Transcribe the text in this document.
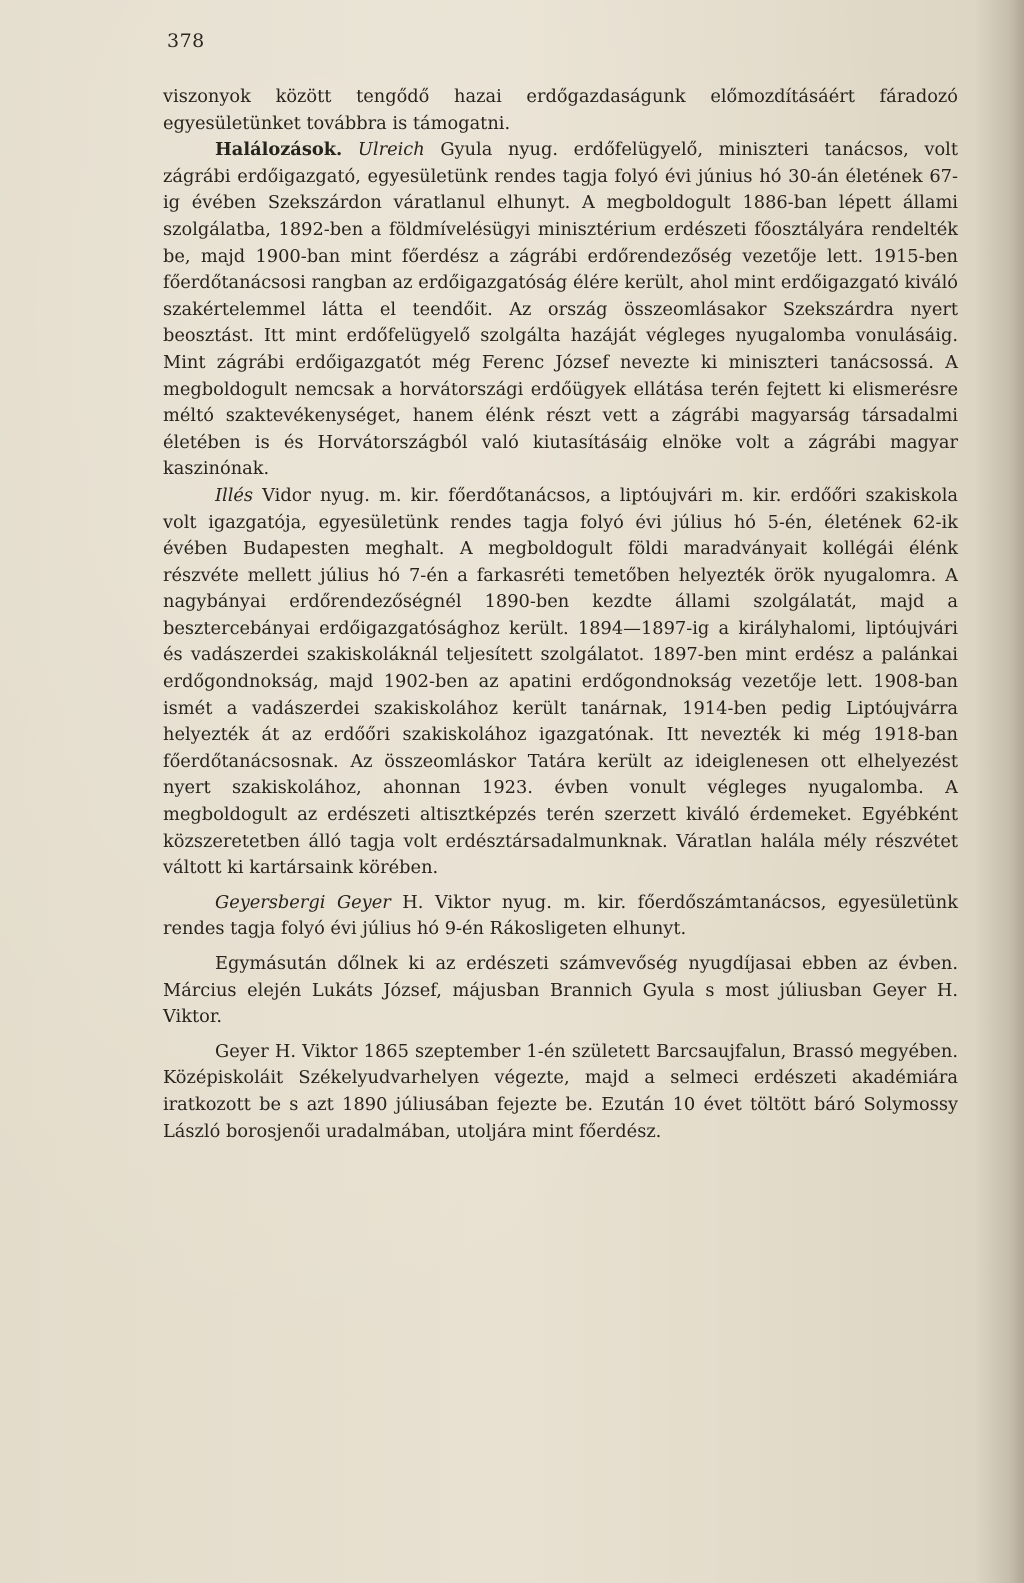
378

viszonyok között tengődő hazai erdőgazdaságunk előmozdításáért fáradozó egyesületünket továbbra is támogatni.

Halálozások. Ulreich Gyula nyug. erdőfelügyelő, miniszteri tanácsos, volt zágrábi erdőigazgató, egyesületünk rendes tagja folyó évi június hó 30-án életének 67-ig évében Szekszárdon váratlanul elhunyt. A megboldogult 1886-ban lépett állami szolgálatba, 1892-ben a földmívelésügyi minisztérium erdészeti főosztályára rendelték be, majd 1900-ban mint főerdész a zágrábi erdőrendezőség vezetője lett. 1915-ben főerdőtanácsosi rangban az erdőigazgatóság élére került, ahol mint erdőigazgató kiváló szakértelemmel látta el teendőit. Az ország összeomlásakor Szekszárdra nyert beosztást. Itt mint erdőfelügyelő szolgálta hazáját végleges nyugalomba vonulásáig. Mint zágrábi erdőigazgatót még Ferenc József nevezte ki miniszteri tanácsossá. A megboldogult nemcsak a horvátországi erdőügyek ellátása terén fejtett ki elismerésre méltó szaktevékenységet, hanem élénk részt vett a zágrábi magyarság társadalmi életében is és Horvátországból való kiutasításáig elnöke volt a zágrábi magyar kaszinónak.

Illés Vidor nyug. m. kir. főerdőtanácsos, a liptóujvári m. kir. erdőőri szakiskola volt igazgatója, egyesületünk rendes tagja folyó évi július hó 5-én, életének 62-ik évében Budapesten meghalt. A megboldogult földi maradványait kollégái élénk részvéte mellett július hó 7-én a farkasréti temetőben helyezték örök nyugalomra. A nagybányai erdőrendezőségnél 1890-ben kezdte állami szolgálatát, majd a besztercebányai erdőigazgatósághoz került. 1894—1897-ig a királyhalomi, liptóujvári és vadászerdei szakiskoláknál teljesített szolgálatot. 1897-ben mint erdész a palánkai erdőgondnokság, majd 1902-ben az apatini erdőgondnokság vezetője lett. 1908-ban ismét a vadászerdei szakiskolához került tanárnak, 1914-ben pedig Liptóujvárra helyezték át az erdőőri szakiskolához igazgatónak. Itt nevezték ki még 1918-ban főerdőtanácsosnak. Az összeomláskor Tatára került az ideiglenesen ott elhelyezést nyert szakiskolához, ahonnan 1923. évben vonult végleges nyugalomba. A megboldogult az erdészeti altisztképzés terén szerzett kiváló érdemeket. Egyébként közszeretetben álló tagja volt erdésztársadalmunknak. Váratlan halála mély részvétet váltott ki kartársaink körében.

Geyersbergi Geyer H. Viktor nyug. m. kir. főerdőszámtanácsos, egyesületünk rendes tagja folyó évi július hó 9-én Rákosligeten elhunyt.

Egymásután dőlnek ki az erdészeti számvevőség nyugdíjasai ebben az évben. Március elején Lukáts József, májusban Brannich Gyula s most júliusban Geyer H. Viktor.

Geyer H. Viktor 1865 szeptember 1-én született Barcsaujfalun, Brassó megyében. Középiskoláit Székelyudvarhelyen végezte, majd a selmeci erdészeti akadémiára iratkozott be s azt 1890 júliusában fejezte be. Ezután 10 évet töltött báró Solymossy László borosjenői uradalmában, utoljára mint főerdész.
